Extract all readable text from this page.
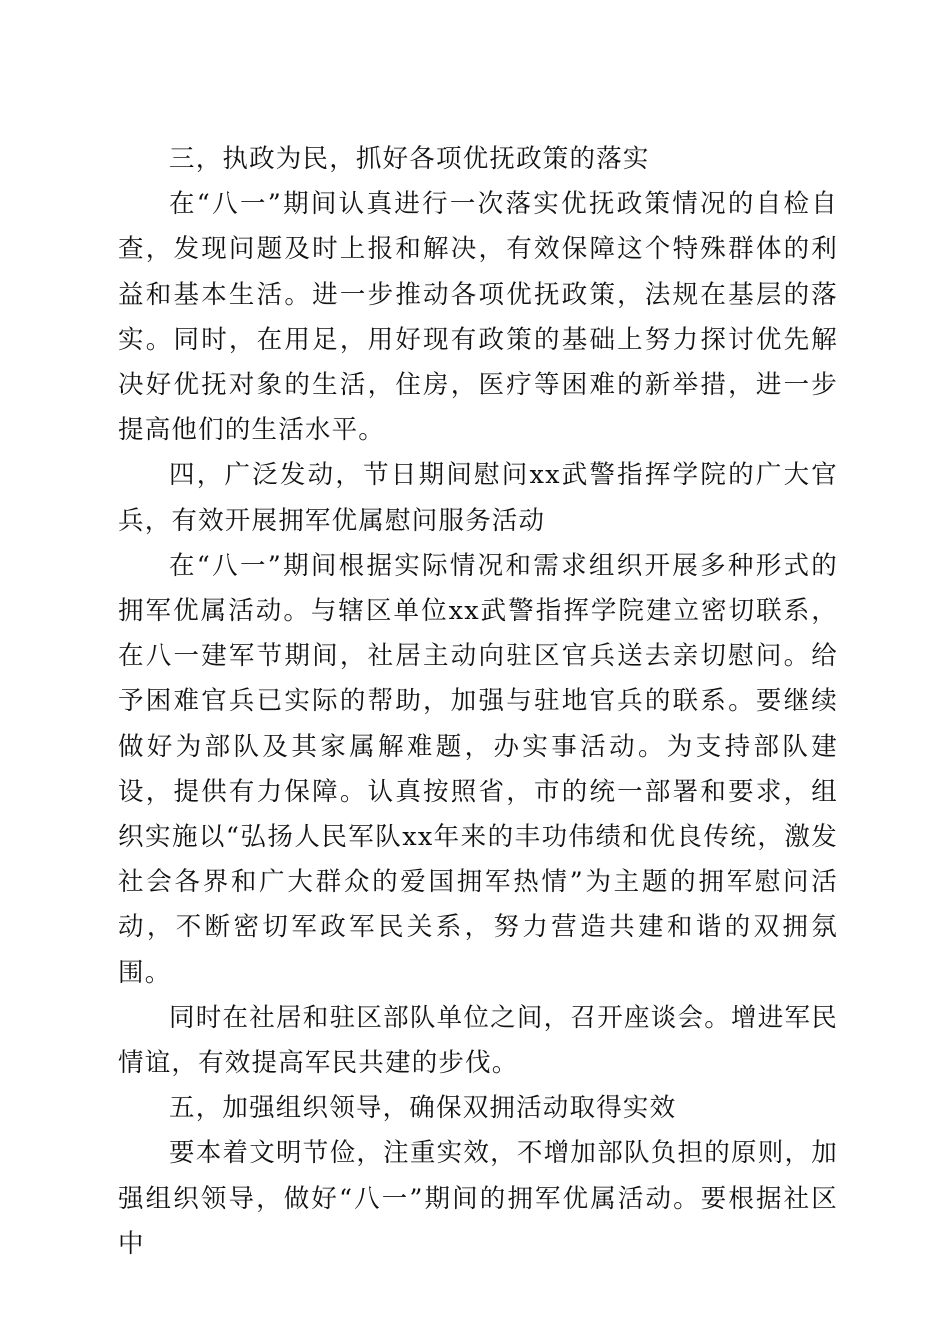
三，执政为民，抓好各项优抚政策的落实

在“八一”期间认真进行一次落实优抚政策情况的自检自查，发现问题及时上报和解决，有效保障这个特殊群体的利益和基本生活。进一步推动各项优抚政策，法规在基层的落实。同时，在用足，用好现有政策的基础上努力探讨优先解决好优抚对象的生活，住房，医疗等困难的新举措，进一步提高他们的生活水平。

四，广泛发动，节日期间慰问xx武警指挥学院的广大官兵，有效开展拥军优属慰问服务活动

在“八一”期间根据实际情况和需求组织开展多种形式的拥军优属活动。与辖区单位xx武警指挥学院建立密切联系，在八一建军节期间，社居主动向驻区官兵送去亲切慰问。给予困难官兵已实际的帮助，加强与驻地官兵的联系。要继续做好为部队及其家属解难题，办实事活动。为支持部队建设，提供有力保障。认真按照省，市的统一部署和要求，组织实施以“弘扬人民军队xx年来的丰功伟绩和优良传统，激发社会各界和广大群众的爱国拥军热情”为主题的拥军慰问活动，不断密切军政军民关系，努力营造共建和谐的双拥氛围。

同时在社居和驻区部队单位之间，召开座谈会。增进军民情谊，有效提高军民共建的步伐。

五，加强组织领导，确保双拥活动取得实效

要本着文明节俭，注重实效，不增加部队负担的原则，加强组织领导，做好“八一”期间的拥军优属活动。要根据社区中
